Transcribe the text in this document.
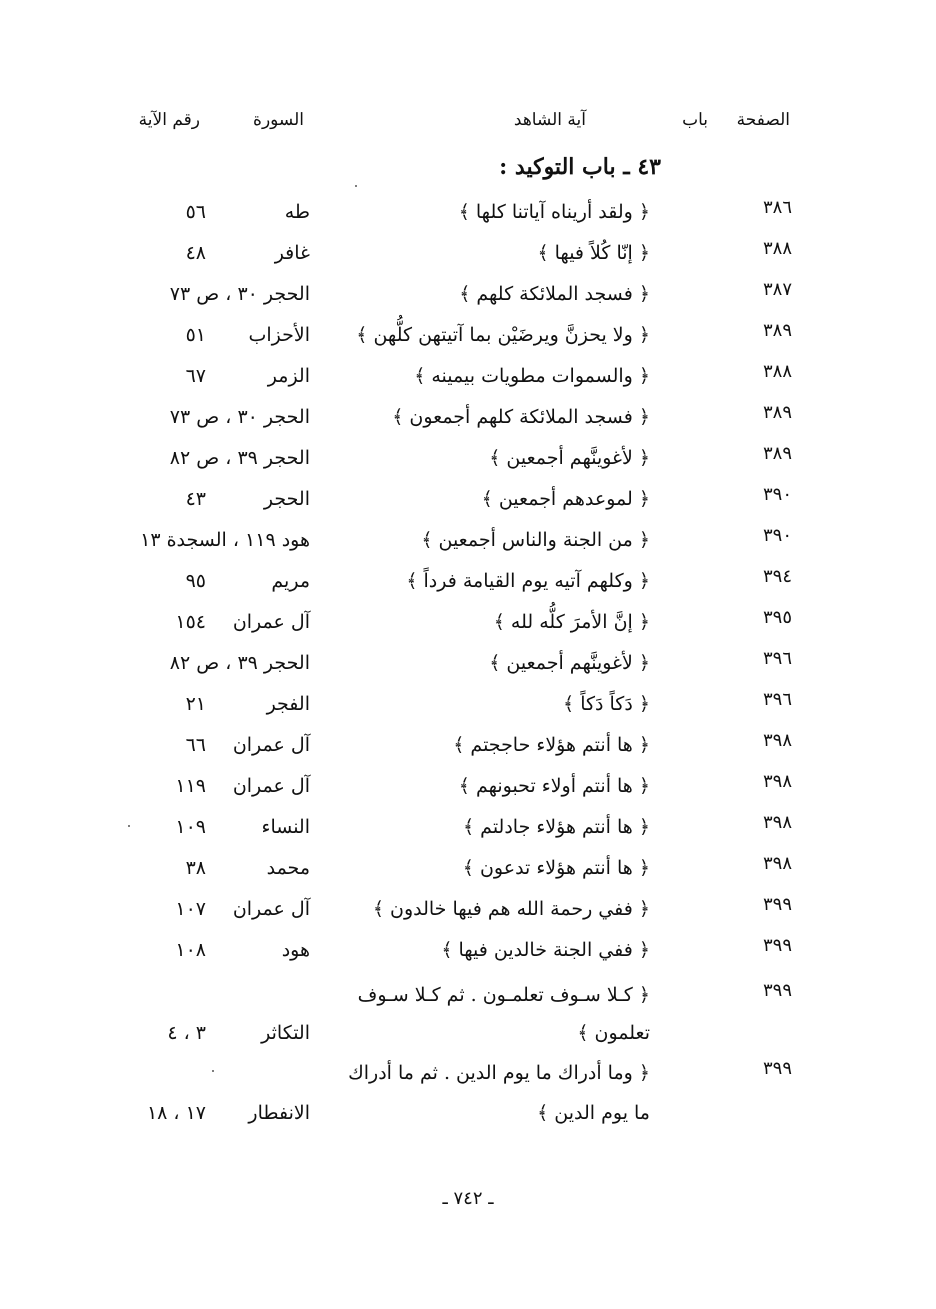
الصفحة
باب
آية الشاهد
السورة
رقم الآية
٤٣ ـ باب التوكيد :
٣٨٦
﴿ ولقد أريناه آياتنا كلها ﴾
طه
٥٦
٣٨٨
﴿ إنّا كُلاً فيها ﴾
غافر
٤٨
٣٨٧
﴿ فسجد الملائكة كلهم ﴾
الحجر ٣٠ ، ص ٧٣
٣٨٩
﴿ ولا يحزنَّ ويرضَيْن بما آتيتهن كلُّهن ﴾
الأحزاب
٥١
٣٨٨
﴿ والسموات مطويات بيمينه ﴾
الزمر
٦٧
٣٨٩
﴿ فسجد الملائكة كلهم أجمعون ﴾
الحجر ٣٠ ، ص ٧٣
٣٨٩
﴿ لأغوينَّهم أجمعين ﴾
الحجر ٣٩ ، ص ٨٢
٣٩٠
﴿ لموعدهم أجمعين ﴾
الحجر
٤٣
٣٩٠
﴿ من الجنة والناس أجمعين ﴾
هود ١١٩ ، السجدة ١٣
٣٩٤
﴿ وكلهم آتيه يوم القيامة فرداً ﴾
مريم
٩٥
٣٩٥
﴿ إنَّ الأمرَ كلُّه لله ﴾
آل عمران
١٥٤
٣٩٦
﴿ لأغوينَّهم أجمعين ﴾
الحجر ٣٩ ، ص ٨٢
٣٩٦
﴿ دَكاً دَكاً ﴾
الفجر
٢١
٣٩٨
﴿ ها أنتم هؤلاء حاججتم ﴾
آل عمران
٦٦
٣٩٨
﴿ ها أنتم أولاء تحبونهم ﴾
آل عمران
١١٩
٣٩٨
﴿ ها أنتم هؤلاء جادلتم ﴾
النساء
١٠٩
٣٩٨
﴿ ها أنتم هؤلاء تدعون ﴾
محمد
٣٨
٣٩٩
﴿ ففي رحمة الله هم فيها خالدون ﴾
آل عمران
١٠٧
٣٩٩
﴿ ففي الجنة خالدين فيها ﴾
هود
١٠٨
٣٩٩
﴿ كـلا سـوف تعلمـون . ثم كـلا سـوف
تعلمون ﴾
التكاثر
٣ ، ٤
٣٩٩
﴿ وما أدراك ما يوم الدين . ثم ما أدراك
ما يوم الدين ﴾
الانفطار
١٧ ، ١٨
ـ ٧٤٢ ـ
